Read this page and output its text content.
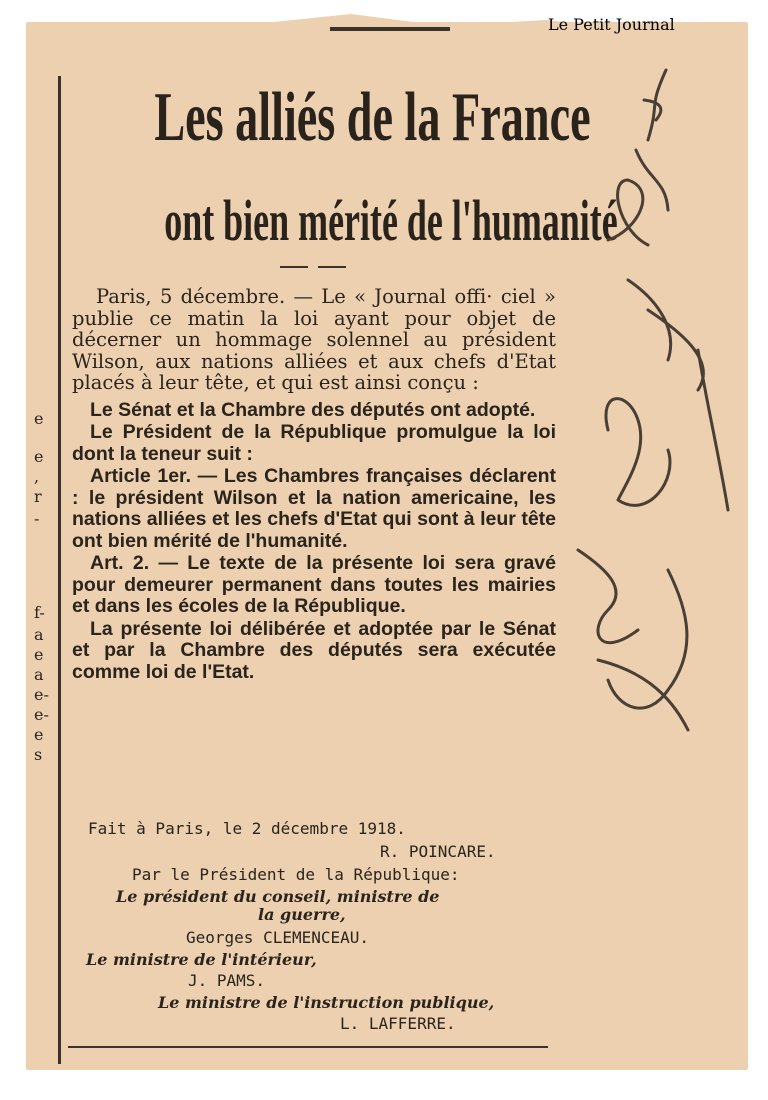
Les alliés de la France
ont bien mérité de l'humanité

Paris, 5 décembre. — Le « Journal offi· ciel » publie ce matin la loi ayant pour objet de décerner un hommage solennel au président Wilson, aux nations alliées et aux chefs d'Etat placés à leur tête, et qui est ainsi conçu :

Le Sénat et la Chambre des députés ont adopté.

Le Président de la République promulgue la loi dont la teneur suit :

Article 1er. — Les Chambres françaises déclarent : le président Wilson et la nation americaine, les nations alliées et les chefs d'Etat qui sont à leur tête ont bien mérité de l'humanité.

Art. 2. — Le texte de la présente loi sera gravé pour demeurer permanent dans toutes les mairies et dans les écoles de la République.

La présente loi délibérée et adoptée par le Sénat et par la Chambre des députés sera exécutée comme loi de l'Etat.

Fait à Paris, le 2 décembre 1918.
R. POINCARE.
Par le Président de la République:
Le président du conseil, ministre de
la guerre,
Georges CLEMENCEAU.
Le ministre de l'intérieur,
J. PAMS.
Le ministre de l'instruction publique,
L. LAFFERRE.
e
e
,
r
-
f-
a
e
a
e-
e-
e
s
Le Petit Journal
